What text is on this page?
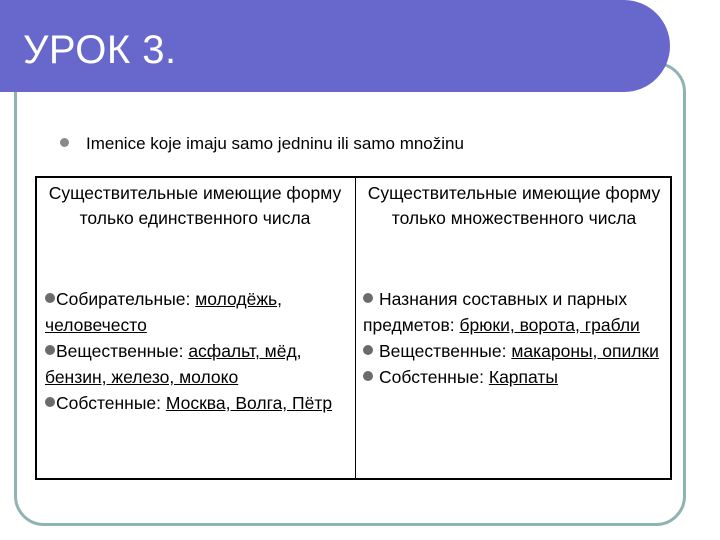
УРОК 3.
Imenice koje imaju samo jedninu ili samo množinu
Существительные имеющие форму только единственного числа
Существительные имеющие форму только множественного числа
Собирательные: молодёжь, человечесто
Вещественные: асфальт, мёд, бензин, железо, молоко
Собстенные: Москва, Волга, Пётр
Назнания составных и парных предметов: брюки, ворота, грабли
Вещественные: макароны, опилки
Собстенные: Карпаты
